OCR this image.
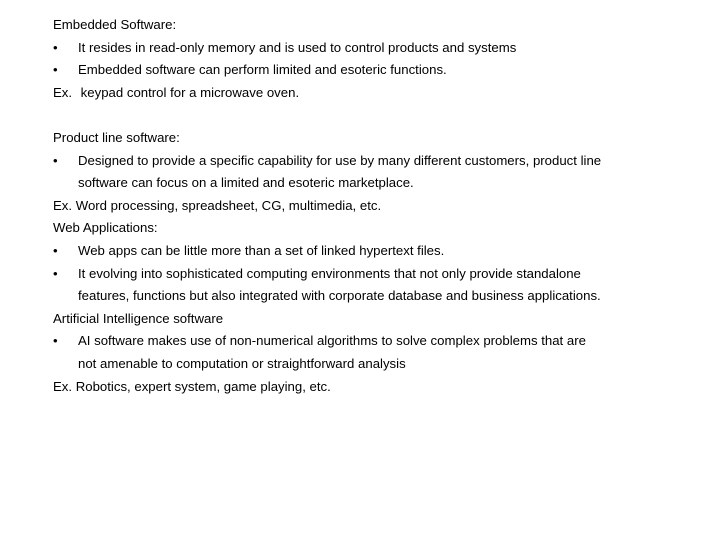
Embedded Software:
•	It resides in read-only memory and is used to control products and systems
•	Embedded software can perform limited and esoteric functions.
Ex. keypad control for a microwave oven.
Product line software:
•	Designed to provide a specific capability for use by many different customers, product line
software can focus on a limited and esoteric marketplace.
Ex. Word processing, spreadsheet, CG, multimedia, etc.
Web Applications:
•	Web apps can be little more than a set of linked hypertext files.
•	It evolving into sophisticated computing environments that not only provide standalone
features, functions but also integrated with corporate database and business applications.
Artificial Intelligence software
•	AI software makes use of non-numerical algorithms to solve complex problems that are
not amenable to computation or straightforward analysis
Ex. Robotics, expert system, game playing, etc.
